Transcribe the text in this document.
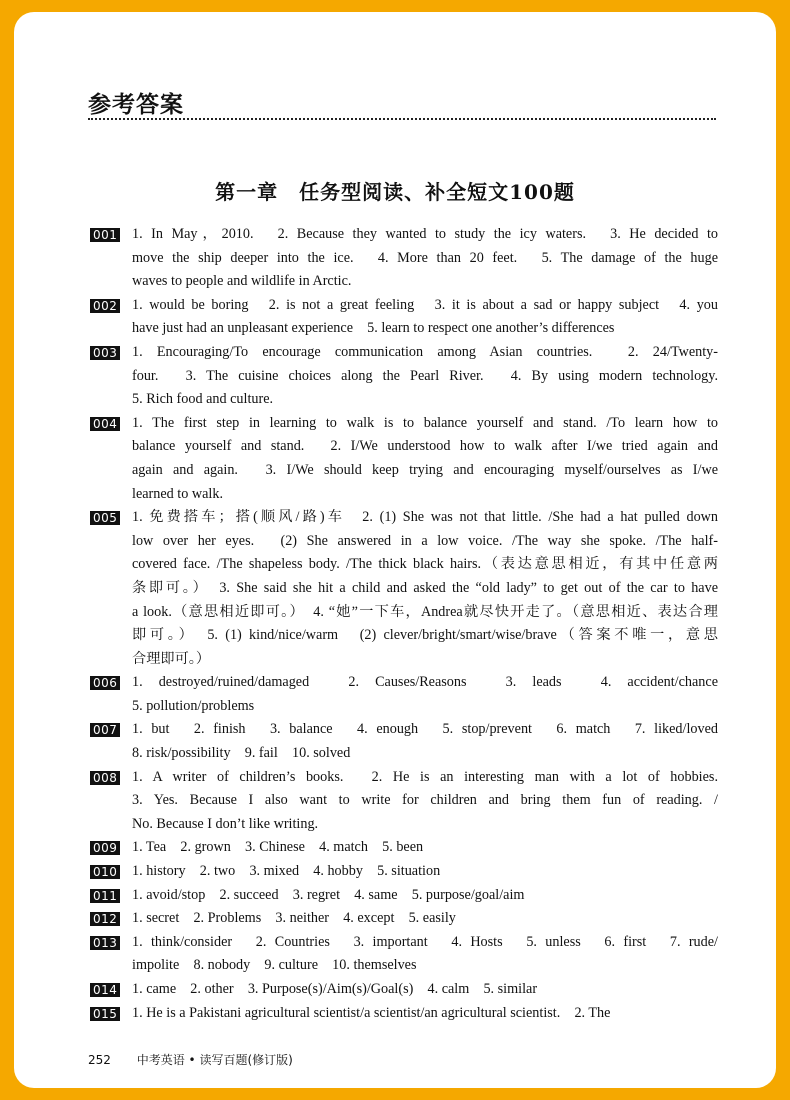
参考答案
第一章　任务型阅读、补全短文100题
001 1. In May，2010.　2. Because they wanted to study the icy waters.　3. He decided to
move the ship deeper into the ice.　4. More than 20 feet.　5. The damage of the huge
waves to people and wildlife in Arctic.
002 1. would be boring　2. is not a great feeling　3. it is about a sad or happy subject　4. you
have just had an unpleasant experience　5. learn to respect one another’s differences
003 1. Encouraging/To encourage communication among Asian countries.　2. 24/Twenty-
four.　3. The cuisine choices along the Pearl River.　4. By using modern technology.
5. Rich food and culture.
004 1. The first step in learning to walk is to balance yourself and stand. /To learn how to
balance yourself and stand.　2. I/We understood how to walk after I/we tried again and
again and again.　3. I/We should keep trying and encouraging myself/ourselves as I/we
learned to walk.
005 1. 免费搭车；搭(顺风/路)车　2. (1) She was not that little. /She had a hat pulled down
low over her eyes.　(2) She answered in a low voice. /The way she spoke. /The half-
covered face. /The shapeless body. /The thick black hairs.（表达意思相近，有其中任意两
条即可。）　3. She said she hit a child and asked the “old lady” to get out of the car to have
a look.（意思相近即可。）　4. “她”一下车，Andrea就尽快开走了。（意思相近、表达合理
即可。）　5. (1) kind/nice/warm　(2) clever/bright/smart/wise/brave（答案不唯一，意思
合理即可。）
006 1. destroyed/ruined/damaged　2. Causes/Reasons　3. leads　4. accident/chance
5. pollution/problems
007 1. but　2. finish　3. balance　4. enough　5. stop/prevent　6. match　7. liked/loved
8. risk/possibility　9. fail　10. solved
008 1. A writer of children’s books.　2. He is an interesting man with a lot of hobbies.
3. Yes. Because I also want to write for children and bring them fun of reading. /
No. Because I don’t like writing.
009 1. Tea　2. grown　3. Chinese　4. match　5. been
010 1. history　2. two　3. mixed　4. hobby　5. situation
011 1. avoid/stop　2. succeed　3. regret　4. same　5. purpose/goal/aim
012 1. secret　2. Problems　3. neither　4. except　5. easily
013 1. think/consider　2. Countries　3. important　4. Hosts　5. unless　6. first　7. rude/
impolite　8. nobody　9. culture　10. themselves
014 1. came　2. other　3. Purpose(s)/Aim(s)/Goal(s)　4. calm　5. similar
015 1. He is a Pakistani agricultural scientist/a scientist/an agricultural scientist.　2. The
252 中考英语 • 读写百题(修订版)
